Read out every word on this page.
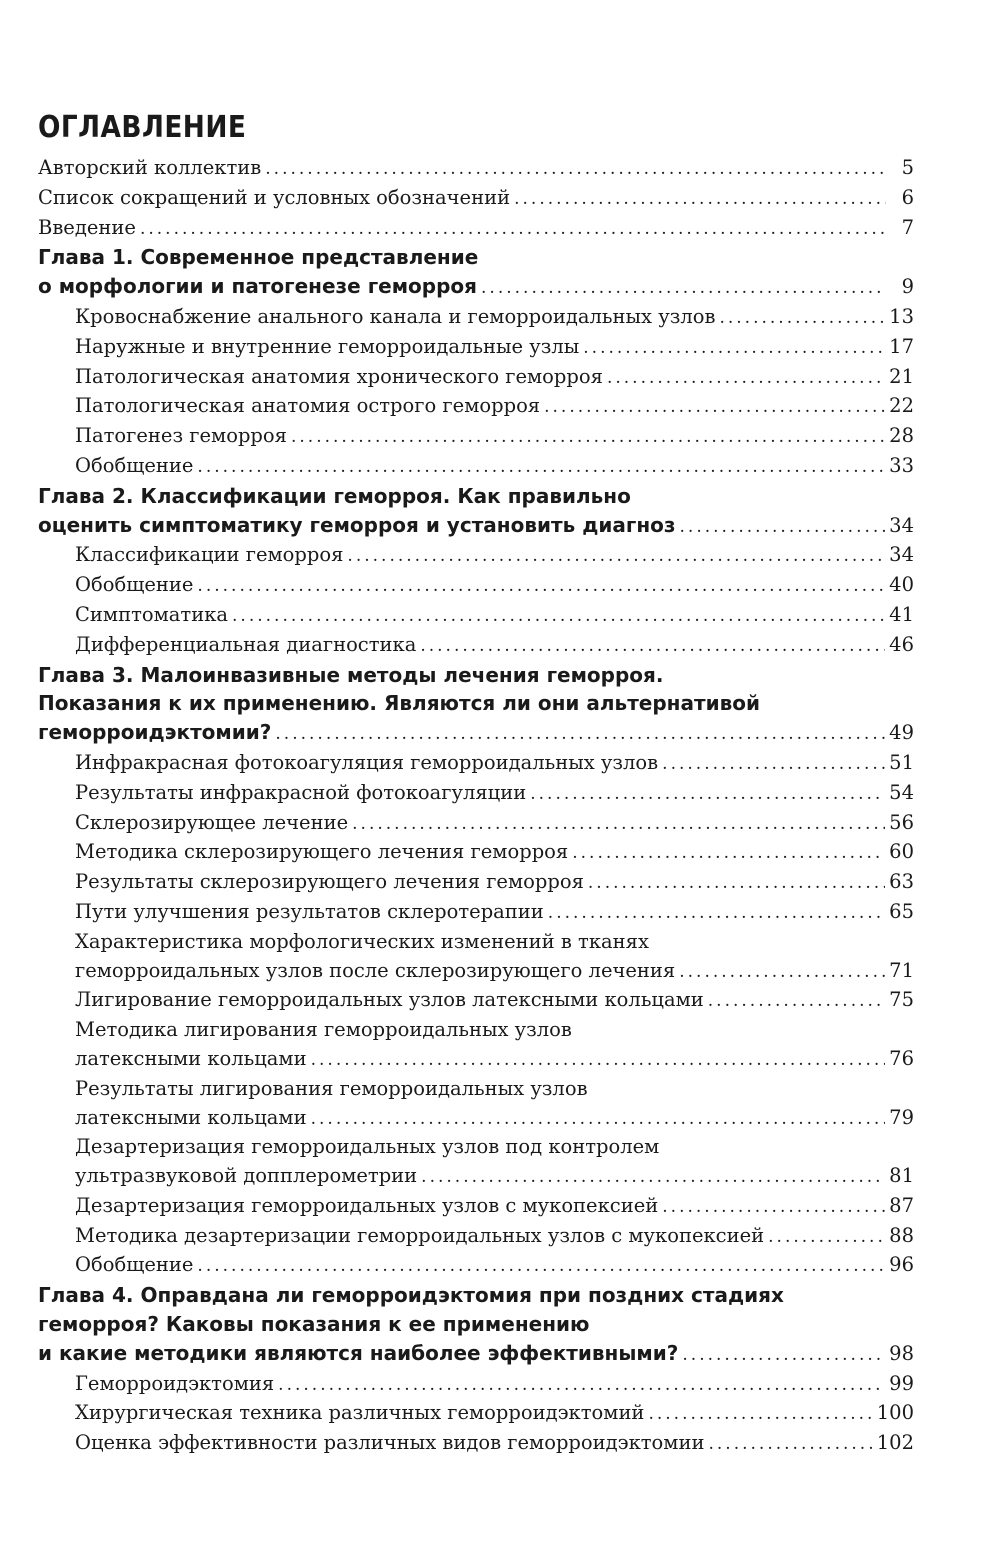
ОГЛАВЛЕНИЕ
Авторский коллектив . . .	5
Список сокращений и условных обозначений . . .	6
Введение . . .	7
Глава 1. Современное представление
о морфологии и патогенезе геморроя . . .	9
Кровоснабжение анального канала и геморроидальных узлов . . .	13
Наружные и внутренние геморроидальные узлы . . .	17
Патологическая анатомия хронического геморроя . . .	21
Патологическая анатомия острого геморроя . . .	22
Патогенез геморроя . . .	28
Обобщение . . .	33
Глава 2. Классификации геморроя. Как правильно
оценить симптоматику геморроя и установить диагноз . . .	34
Классификации геморроя . . .	34
Обобщение . . .	40
Симптоматика . . .	41
Дифференциальная диагностика . . .	46
Глава 3. Малоинвазивные методы лечения геморроя.
Показания к их применению. Являются ли они альтернативой
геморроидэктомии? . . .	49
Инфракрасная фотокоагуляция геморроидальных узлов . . .	51
Результаты инфракрасной фотокоагуляции . . .	54
Склерозирующее лечение . . .	56
Методика склерозирующего лечения геморроя . . .	60
Результаты склерозирующего лечения геморроя . . .	63
Пути улучшения результатов склеротерапии . . .	65
Характеристика морфологических изменений в тканях
геморроидальных узлов после склерозирующего лечения . . .	71
Лигирование геморроидальных узлов латексными кольцами . . .	75
Методика лигирования геморроидальных узлов
латексными кольцами . . .	76
Результаты лигирования геморроидальных узлов
латексными кольцами . . .	79
Дезартеризация геморроидальных узлов под контролем
ультразвуковой допплерометрии . . .	81
Дезартеризация геморроидальных узлов с мукопексией . . .	87
Методика дезартеризации геморроидальных узлов с мукопексией . . .	88
Обобщение . . .	96
Глава 4. Оправдана ли геморроидэктомия при поздних стадиях
геморроя? Каковы показания к ее применению
и какие методики являются наиболее эффективными? . . .	98
Геморроидэктомия . . .	99
Хирургическая техника различных геморроидэктомий . . .	100
Оценка эффективности различных видов геморроидэктомии . . .	102
